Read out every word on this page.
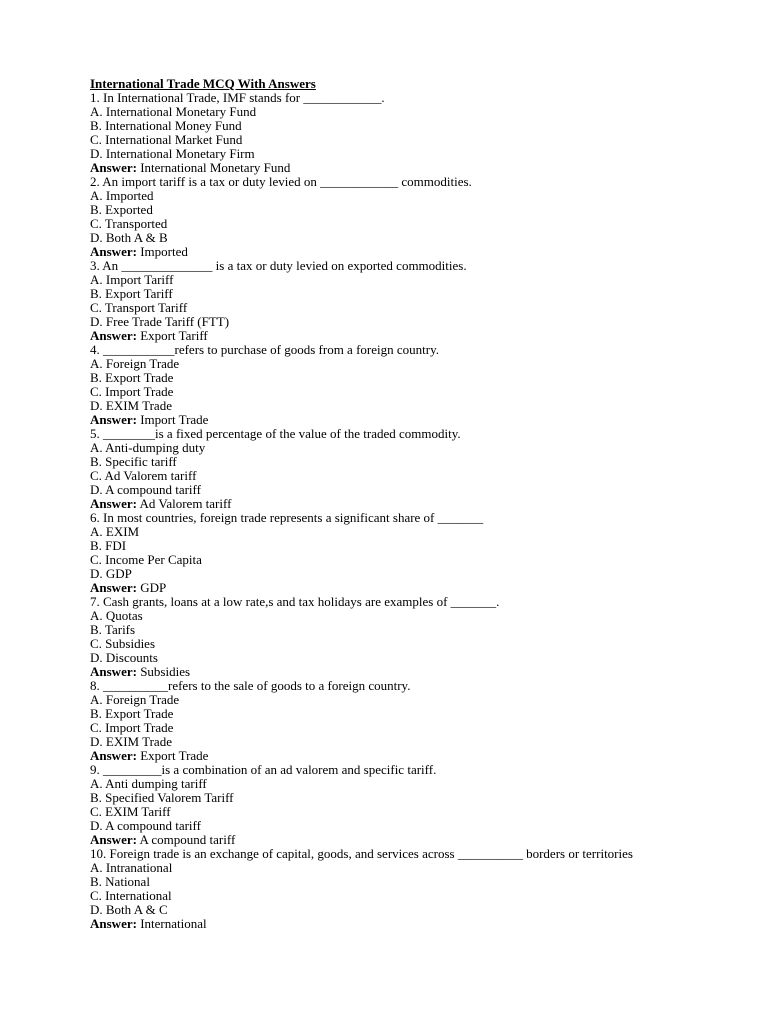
International Trade MCQ With Answers
1. In International Trade, IMF stands for ____________.
A. International Monetary Fund
B. International Money Fund
C. International Market Fund
D. International Monetary Firm
Answer: International Monetary Fund
2. An import tariff is a tax or duty levied on ____________ commodities.
A. Imported
B. Exported
C. Transported
D. Both A & B
Answer: Imported
3. An ______________ is a tax or duty levied on exported commodities.
A. Import Tariff
B. Export Tariff
C. Transport Tariff
D. Free Trade Tariff (FTT)
Answer: Export Tariff
4. ___________refers to purchase of goods from a foreign country.
A. Foreign Trade
B. Export Trade
C. Import Trade
D. EXIM Trade
Answer: Import Trade
5. ________is a fixed percentage of the value of the traded commodity.
A. Anti-dumping duty
B. Specific tariff
C. Ad Valorem tariff
D. A compound tariff
Answer: Ad Valorem tariff
6. In most countries, foreign trade represents a significant share of _______
A. EXIM
B. FDI
C. Income Per Capita
D. GDP
Answer: GDP
7. Cash grants, loans at a low rate,s and tax holidays are examples of _______.
A. Quotas
B. Tarifs
C. Subsidies
D. Discounts
Answer: Subsidies
8. __________refers to the sale of goods to a foreign country.
A. Foreign Trade
B. Export Trade
C. Import Trade
D. EXIM Trade
Answer: Export Trade
9. _________is a combination of an ad valorem and specific tariff.
A. Anti dumping tariff
B. Specified Valorem Tariff
C. EXIM Tariff
D. A compound tariff
Answer: A compound tariff
10. Foreign trade is an exchange of capital, goods, and services across __________ borders or territories
A. Intranational
B. National
C. International
D. Both A & C
Answer: International
